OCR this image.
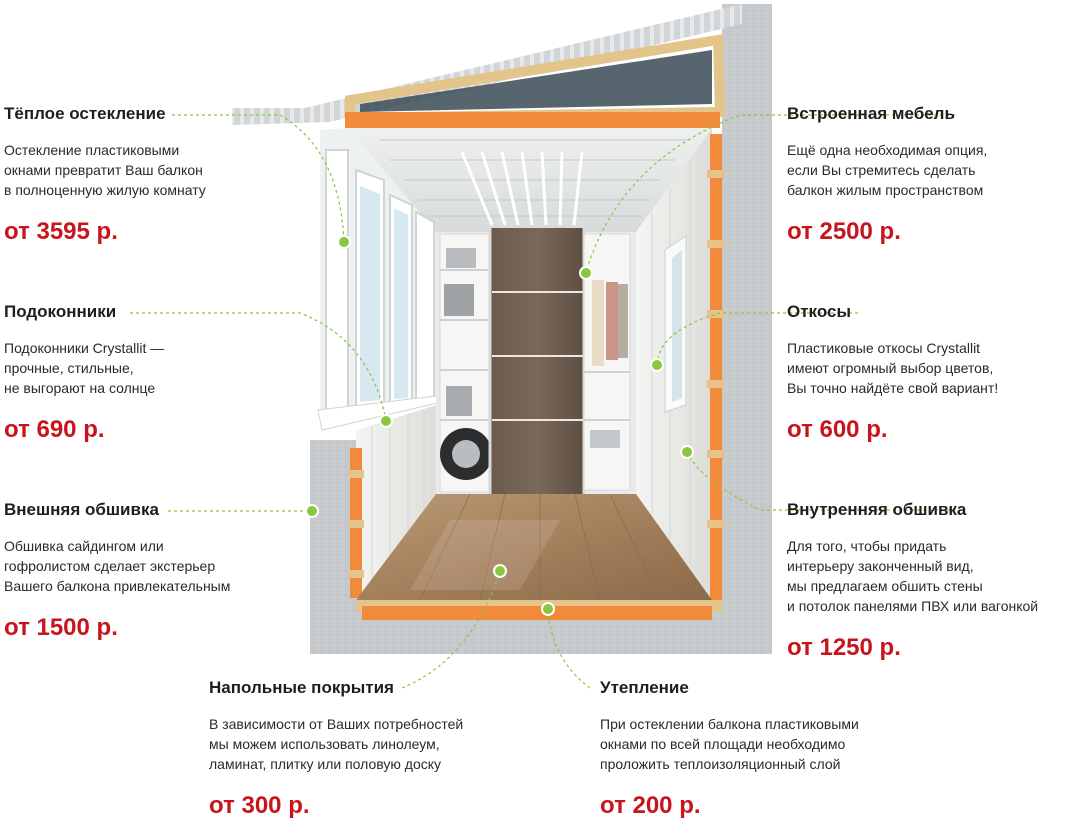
Тёплое остекление

Остекление пластиковыми
окнами превратит Ваш балкон
в полноценную жилую комнату

от 3595 р.
Подоконники

Подоконники Crystallit —
прочные, стильные,
не выгорают на солнце

от 690 р.
Внешняя обшивка

Обшивка сайдингом или
гофролистом сделает экстерьер
Вашего балкона привлекательным

от 1500 р.
Напольные покрытия

В зависимости от Ваших потребностей
мы можем использовать линолеум,
ламинат, плитку или половую доску

от 300 р.
Утепление

При остеклении балкона пластиковыми
окнами по всей площади необходимо
проложить теплоизоляционный слой

от 200 р.
Встроенная мебель

Ещё одна необходимая опция,
если Вы стремитесь сделать
балкон жилым пространством

от 2500 р.
Откосы

Пластиковые откосы Crystallit
имеют огромный выбор цветов,
Вы точно найдёте свой вариант!

от 600 р.
Внутренняя обшивка

Для того, чтобы придать
интерьеру законченный вид,
мы предлагаем обшить стены
и потолок панелями ПВХ или вагонкой

от 1250 р.
